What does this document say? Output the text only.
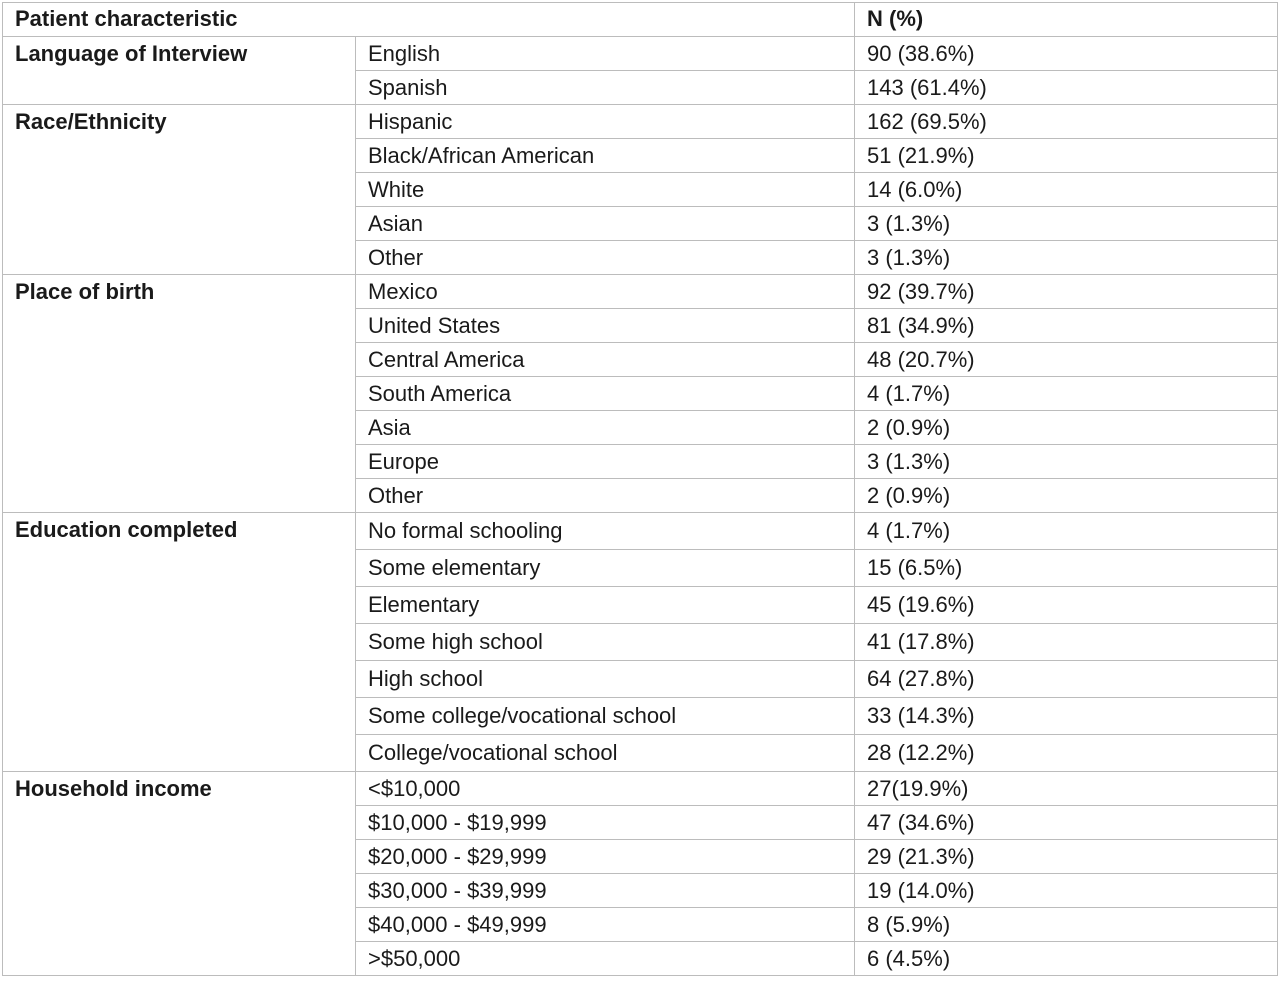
Patient characteristic		N (%)
Language of Interview	English	90 (38.6%)
	Spanish	143 (61.4%)
Race/Ethnicity	Hispanic	162 (69.5%)
	Black/African American	51 (21.9%)
	White	14 (6.0%)
	Asian	3 (1.3%)
	Other	3 (1.3%)
Place of birth	Mexico	92 (39.7%)
	United States	81 (34.9%)
	Central America	48 (20.7%)
	South America	4 (1.7%)
	Asia	2 (0.9%)
	Europe	3 (1.3%)
	Other	2 (0.9%)
Education completed	No formal schooling	4 (1.7%)
	Some elementary	15 (6.5%)
	Elementary	45 (19.6%)
	Some high school	41 (17.8%)
	High school	64 (27.8%)
	Some college/vocational school	33 (14.3%)
	College/vocational school	28 (12.2%)
Household income	<$10,000	27(19.9%)
	$10,000 - $19,999	47 (34.6%)
	$20,000 - $29,999	29 (21.3%)
	$30,000 - $39,999	19 (14.0%)
	$40,000 - $49,999	8 (5.9%)
	>$50,000	6 (4.5%)
